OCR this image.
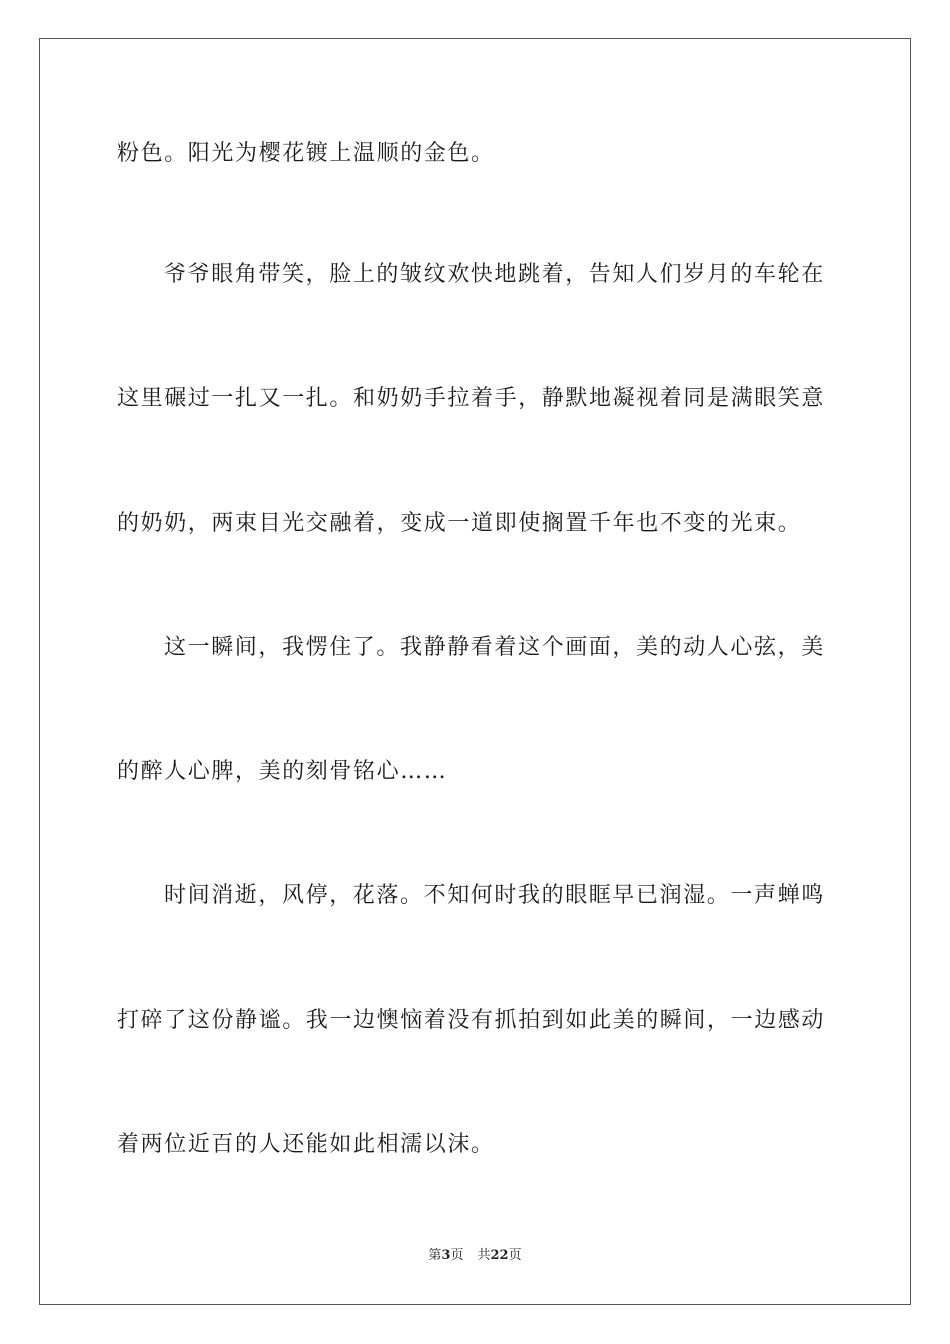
粉色。阳光为樱花镀上温顺的金色。
爷爷眼角带笑，脸上的皱纹欢快地跳着，告知人们岁月的车轮在
这里碾过一扎又一扎。和奶奶手拉着手，静默地凝视着同是满眼笑意
的奶奶，两束目光交融着，变成一道即使搁置千年也不变的光束。
这一瞬间，我愣住了。我静静看着这个画面，美的动人心弦，美
的醉人心脾，美的刻骨铭心……
时间消逝，风停，花落。不知何时我的眼眶早已润湿。一声蝉鸣
打碎了这份静谧。我一边懊恼着没有抓拍到如此美的瞬间，一边感动
着两位近百的人还能如此相濡以沫。
第3页 共22页
